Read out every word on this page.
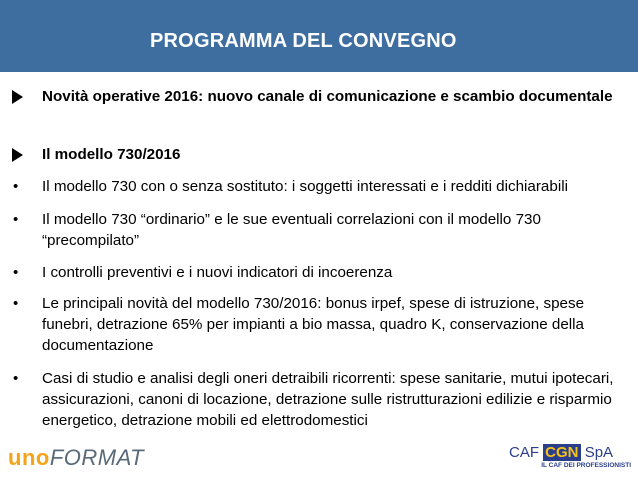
PROGRAMMA DEL CONVEGNO
Novità operative 2016: nuovo canale di comunicazione e scambio documentale
Il modello 730/2016
• Il modello 730 con o senza sostituto: i soggetti interessati e i redditi dichiarabili
• Il modello 730 “ordinario” e le sue eventuali correlazioni con il modello 730 “precompilato”
• I controlli preventivi e i nuovi indicatori di incoerenza
• Le principali novità del modello 730/2016: bonus irpef, spese di istruzione, spese funebri, detrazione 65% per impianti a bio massa, quadro K, conservazione della documentazione
• Casi di studio e analisi degli oneri detraibili ricorrenti: spese sanitarie, mutui ipotecari, assicurazioni, canoni di locazione, detrazione sulle ristrutturazioni edilizie e risparmio energetico, detrazione mobili ed elettrodomestici
unoFORMAT	CAF CGN SpA
IL CAF DEI PROFESSIONISTI
